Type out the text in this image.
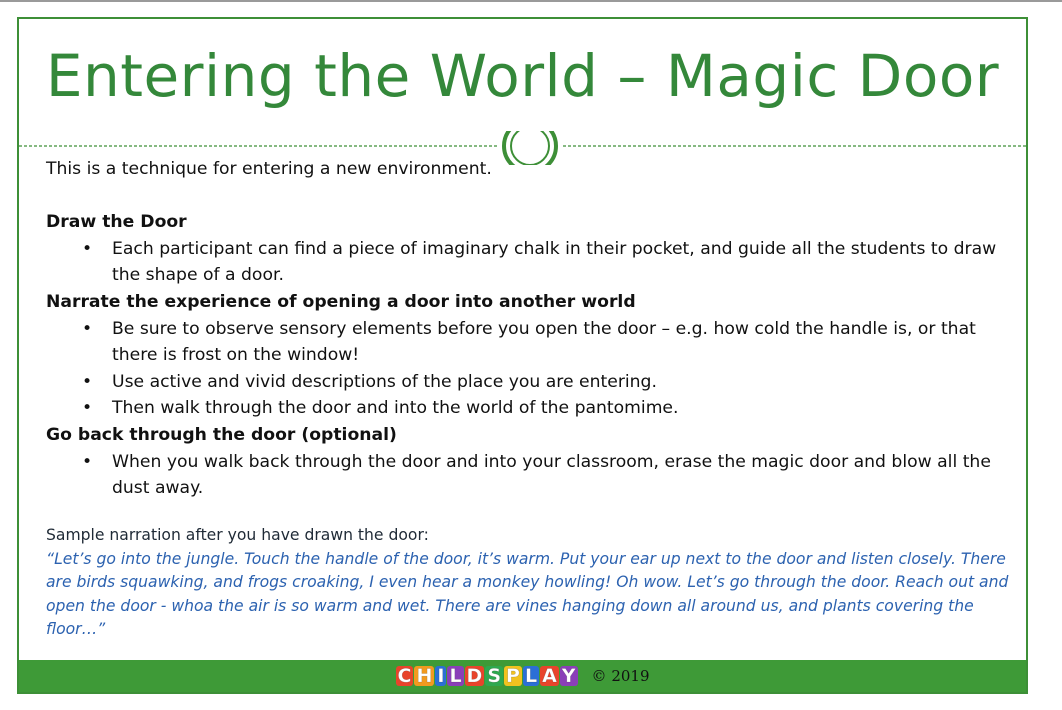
Entering the World – Magic Door

This is a technique for entering a new environment.

Draw the Door

• Each participant can find a piece of imaginary chalk in their pocket, and guide all the students to draw the shape of a door.

Narrate the experience of opening a door into another world

• Be sure to observe sensory elements before you open the door – e.g. how cold the handle is, or that there is frost on the window!
• Use active and vivid descriptions of the place you are entering.
• Then walk through the door and into the world of the pantomime.

Go back through the door (optional)

• When you walk back through the door and into your classroom, erase the magic door and blow all the dust away.

Sample narration after you have drawn the door:

“Let’s go into the jungle. Touch the handle of the door, it’s warm. Put your ear up next to the door and listen closely. There are birds squawking, and frogs croaking, I even hear a monkey howling! Oh wow. Let’s go through the door. Reach out and open the door - whoa the air is so warm and wet. There are vines hanging down all around us, and plants covering the floor…”

C H I L D S P L A Y © 2019
